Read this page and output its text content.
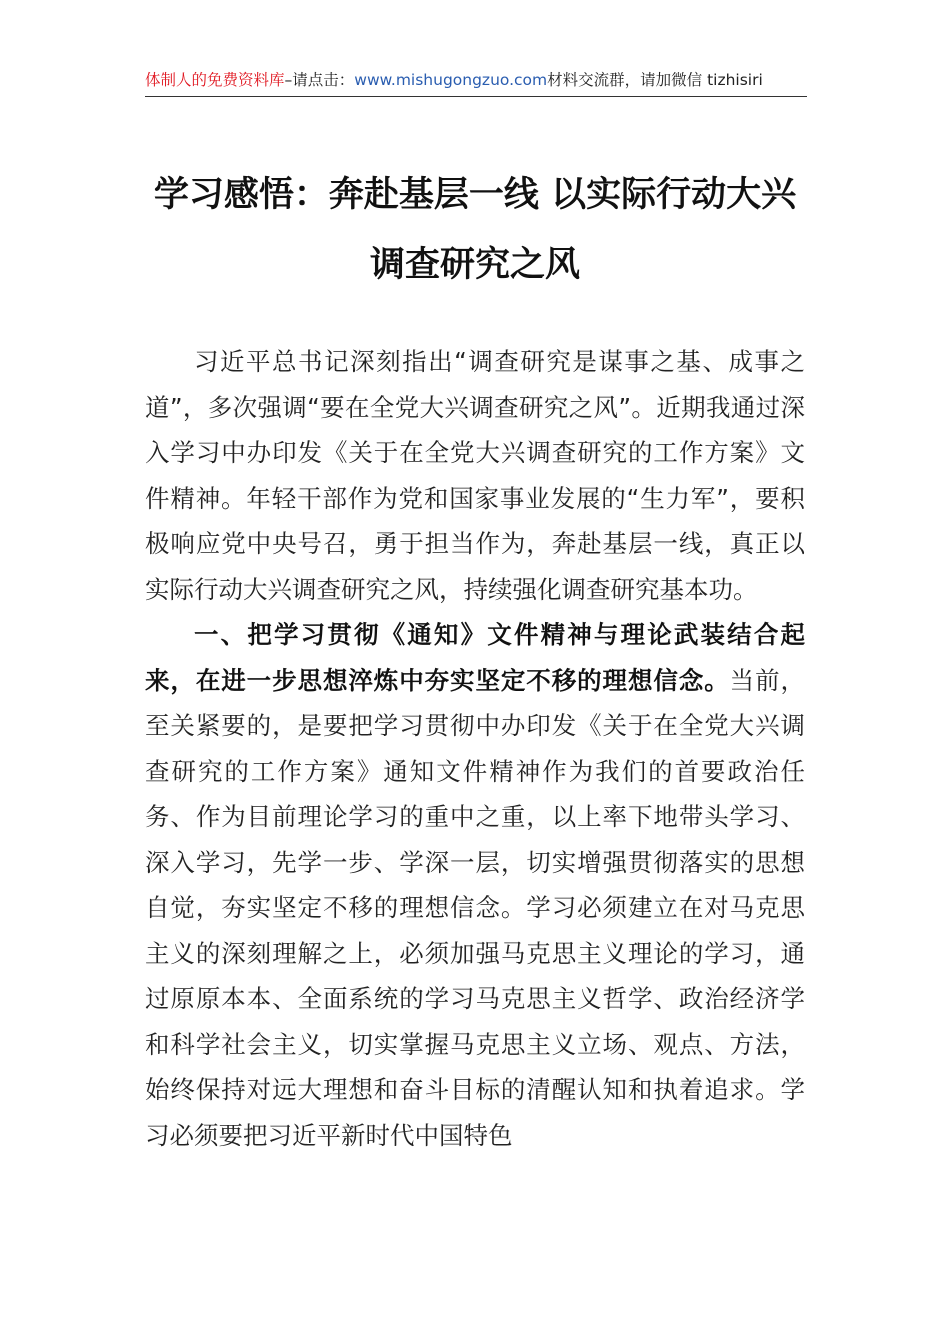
体制人的免费资料库–请点击：www.mishugongzuo.com材料交流群，请加微信 tizhisiri
学习感悟：奔赴基层一线 以实际行动大兴
调查研究之风

习近平总书记深刻指出“调查研究是谋事之基、成事之道”，多次强调“要在全党大兴调查研究之风”。近期我通过深入学习中办印发《关于在全党大兴调查研究的工作方案》文件精神。年轻干部作为党和国家事业发展的“生力军”，要积极响应党中央号召，勇于担当作为，奔赴基层一线，真正以实际行动大兴调查研究之风，持续强化调查研究基本功。

一、把学习贯彻《通知》文件精神与理论武装结合起来，在进一步思想淬炼中夯实坚定不移的理想信念。当前，至关紧要的，是要把学习贯彻中办印发《关于在全党大兴调查研究的工作方案》通知文件精神作为我们的首要政治任务、作为目前理论学习的重中之重，以上率下地带头学习、深入学习，先学一步、学深一层，切实增强贯彻落实的思想自觉，夯实坚定不移的理想信念。学习必须建立在对马克思主义的深刻理解之上，必须加强马克思主义理论的学习，通过原原本本、全面系统的学习马克思主义哲学、政治经济学和科学社会主义，切实掌握马克思主义立场、观点、方法，始终保持对远大理想和奋斗目标的清醒认知和执着追求。学习必须要把习近平新时代中国特色
